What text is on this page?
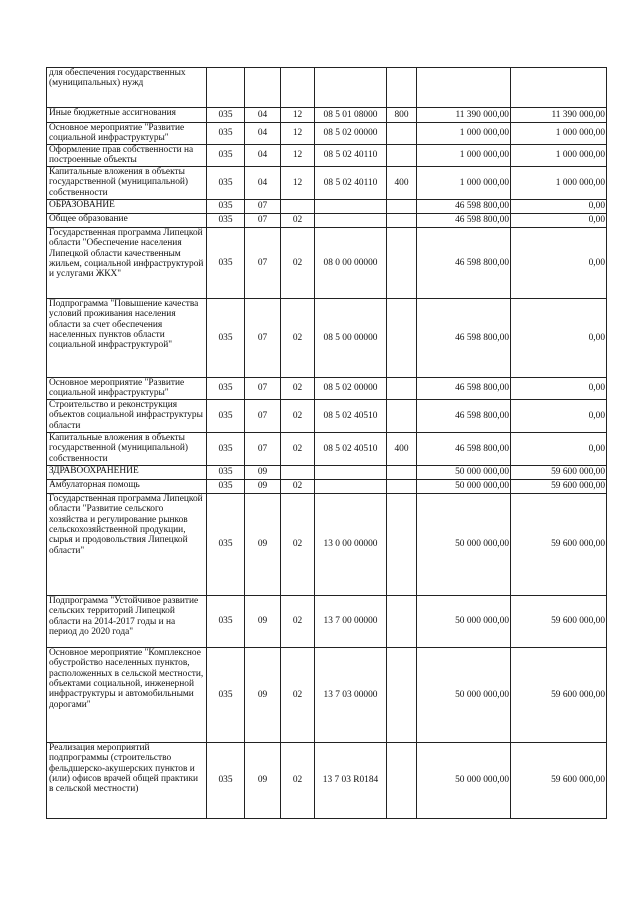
для обеспечения государственных (муниципальных) нужд							
Иные бюджетные ассигнования	035	04	12	08 5 01 08000	800	11 390 000,00	11 390 000,00
Основное мероприятие "Развитие социальной инфраструктуры"	035	04	12	08 5 02 00000		1 000 000,00	1 000 000,00
Оформление прав собственности на построенные объекты	035	04	12	08 5 02 40110		1 000 000,00	1 000 000,00
Капитальные вложения в объекты государственной (муниципальной) собственности	035	04	12	08 5 02 40110	400	1 000 000,00	1 000 000,00
ОБРАЗОВАНИЕ	035	07				46 598 800,00	0,00
Общее образование	035	07	02			46 598 800,00	0,00
Государственная программа Липецкой области "Обеспечение населения Липецкой области качественным жильем, социальной инфраструктурой и услугами ЖКХ"	035	07	02	08 0 00 00000		46 598 800,00	0,00
Подпрограмма "Повышение качества условий проживания населения области за счет обеспечения населенных пунктов области социальной инфраструктурой"	035	07	02	08 5 00 00000		46 598 800,00	0,00
Основное мероприятие "Развитие социальной инфраструктуры"	035	07	02	08 5 02 00000		46 598 800,00	0,00
Строительство и реконструкция объектов социальной инфраструктуры области	035	07	02	08 5 02 40510		46 598 800,00	0,00
Капитальные вложения в объекты государственной (муниципальной) собственности	035	07	02	08 5 02 40510	400	46 598 800,00	0,00
ЗДРАВООХРАНЕНИЕ	035	09				50 000 000,00	59 600 000,00
Амбулаторная помощь	035	09	02			50 000 000,00	59 600 000,00
Государственная программа Липецкой области "Развитие сельского хозяйства и регулирование рынков сельскохозяйственной продукции, сырья и продовольствия Липецкой области"	035	09	02	13 0 00 00000		50 000 000,00	59 600 000,00
Подпрограмма "Устойчивое развитие сельских территорий Липецкой области на 2014-2017 годы и на период до 2020 года"	035	09	02	13 7 00 00000		50 000 000,00	59 600 000,00
Основное мероприятие "Комплексное обустройство населенных пунктов, расположенных в сельской местности, объектами социальной, инженерной инфраструктуры и автомобильными дорогами"	035	09	02	13 7 03 00000		50 000 000,00	59 600 000,00
Реализация мероприятий подпрограммы (строительство фельдшерско-акушерских пунктов и (или) офисов врачей общей практики в сельской местности)	035	09	02	13 7 03 R0184		50 000 000,00	59 600 000,00
